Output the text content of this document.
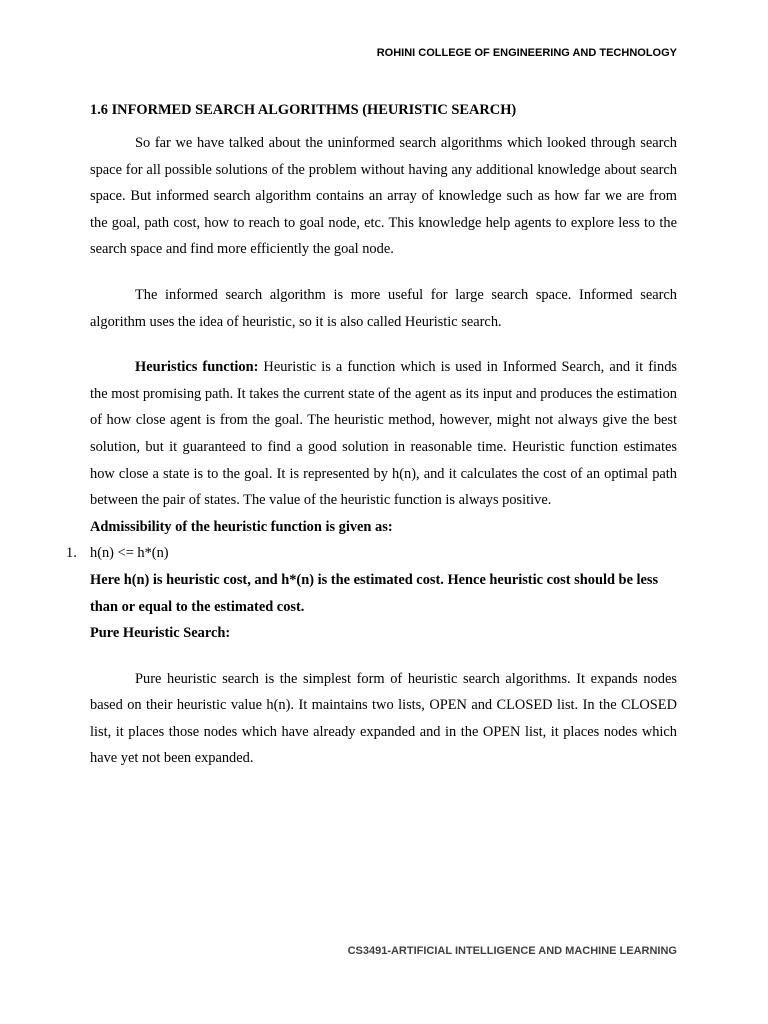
ROHINI COLLEGE OF ENGINEERING AND TECHNOLOGY
1.6 INFORMED SEARCH ALGORITHMS (HEURISTIC SEARCH)

So far we have talked about the uninformed search algorithms which looked through search space for all possible solutions of the problem without having any additional knowledge about search space. But informed search algorithm contains an array of knowledge such as how far we are from the goal, path cost, how to reach to goal node, etc. This knowledge help agents to explore less to the search space and find more efficiently the goal node.

The informed search algorithm is more useful for large search space. Informed search algorithm uses the idea of heuristic, so it is also called Heuristic search.

Heuristics function: Heuristic is a function which is used in Informed Search, and it finds the most promising path. It takes the current state of the agent as its input and produces the estimation of how close agent is from the goal. The heuristic method, however, might not always give the best solution, but it guaranteed to find a good solution in reasonable time. Heuristic function estimates how close a state is to the goal. It is represented by h(n), and it calculates the cost of an optimal path between the pair of states. The value of the heuristic function is always positive.

Admissibility of the heuristic function is given as:

1. h(n) <= h*(n)

Here h(n) is heuristic cost, and h*(n) is the estimated cost. Hence heuristic cost should be less than or equal to the estimated cost.

Pure Heuristic Search:

Pure heuristic search is the simplest form of heuristic search algorithms. It expands nodes based on their heuristic value h(n). It maintains two lists, OPEN and CLOSED list. In the CLOSED list, it places those nodes which have already expanded and in the OPEN list, it places nodes which have yet not been expanded.

CS3491-ARTIFICIAL INTELLIGENCE AND MACHINE LEARNING
